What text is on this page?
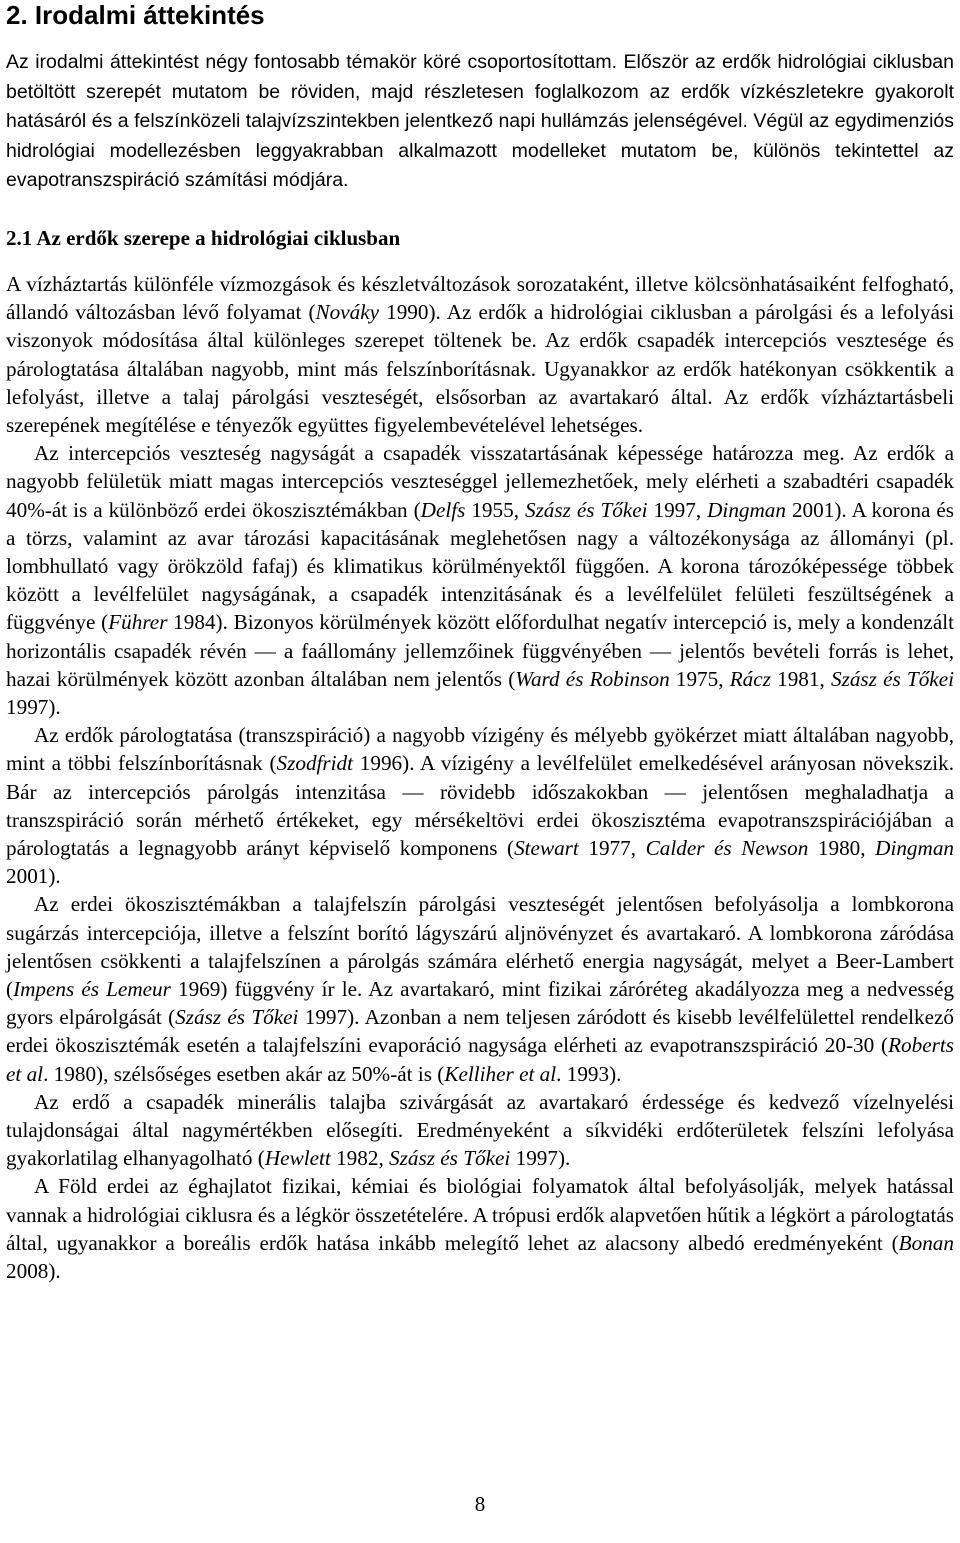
2. Irodalmi áttekintés

Az irodalmi áttekintést négy fontosabb témakör köré csoportosítottam. Először az erdők hidrológiai ciklusban betöltött szerepét mutatom be röviden, majd részletesen foglalkozom az erdők vízkészletekre gyakorolt hatásáról és a felszínközeli talajvízszintekben jelentkező napi hullámzás jelenségével. Végül az egydimenziós hidrológiai modellezésben leggyakrabban alkalmazott modelleket mutatom be, különös tekintettel az evapotranszspiráció számítási módjára.

2.1 Az erdők szerepe a hidrológiai ciklusban

A vízháztartás különféle vízmozgások és készletváltozások sorozataként, illetve kölcsönhatásaiként felfogható, állandó változásban lévő folyamat (Nováky 1990). Az erdők a hidrológiai ciklusban a párolgási és a lefolyási viszonyok módosítása által különleges szerepet töltenek be. Az erdők csapadék intercepciós vesztesége és párologtatása általában nagyobb, mint más felszínborításnak. Ugyanakkor az erdők hatékonyan csökkentik a lefolyást, illetve a talaj párolgási veszteségét, elsősorban az avartakaró által. Az erdők vízháztartásbeli szerepének megítélése e tényezők együttes figyelembevételével lehetséges.

Az intercepciós veszteség nagyságát a csapadék visszatartásának képessége határozza meg. Az erdők a nagyobb felületük miatt magas intercepciós veszteséggel jellemezhetőek, mely elérheti a szabadtéri csapadék 40%-át is a különböző erdei ökoszisztémákban (Delfs 1955, Szász és Tőkei 1997, Dingman 2001). A korona és a törzs, valamint az avar tározási kapacitásának meglehetősen nagy a változékonysága az állományi (pl. lombhullató vagy örökzöld fafaj) és klimatikus körülményektől függően. A korona tározóképessége többek között a levélfelület nagyságának, a csapadék intenzitásának és a levélfelület felületi feszültségének a függvénye (Führer 1984). Bizonyos körülmények között előfordulhat negatív intercepció is, mely a kondenzált horizontális csapadék révén — a faállomány jellemzőinek függvényében — jelentős bevételi forrás is lehet, hazai körülmények között azonban általában nem jelentős (Ward és Robinson 1975, Rácz 1981, Szász és Tőkei 1997).

Az erdők párologtatása (transzspiráció) a nagyobb vízigény és mélyebb gyökérzet miatt általában nagyobb, mint a többi felszínborításnak (Szodfridt 1996). A vízigény a levélfelület emelkedésével arányosan növekszik. Bár az intercepciós párolgás intenzitása — rövidebb időszakokban — jelentősen meghaladhatja a transzspiráció során mérhető értékeket, egy mérsékeltövi erdei ökoszisztéma evapotranszspirációjában a párologtatás a legnagyobb arányt képviselő komponens (Stewart 1977, Calder és Newson 1980, Dingman 2001).

Az erdei ökoszisztémákban a talajfelszín párolgási veszteségét jelentősen befolyásolja a lombkorona sugárzás intercepciója, illetve a felszínt borító lágyszárú aljnövényzet és avartakaró. A lombkorona záródása jelentősen csökkenti a talajfelszínen a párolgás számára elérhető energia nagyságát, melyet a Beer-Lambert (Impens és Lemeur 1969) függvény ír le. Az avartakaró, mint fizikai záróréteg akadályozza meg a nedvesség gyors elpárolgását (Szász és Tőkei 1997). Azonban a nem teljesen záródott és kisebb levélfelülettel rendelkező erdei ökoszisztémák esetén a talajfelszíni evaporáció nagysága elérheti az evapotranszspiráció 20-30 (Roberts et al. 1980), szélsőséges esetben akár az 50%-át is (Kelliher et al. 1993).

Az erdő a csapadék minerális talajba szivárgását az avartakaró érdessége és kedvező vízelnyelési tulajdonságai által nagymértékben elősegíti. Eredményeként a síkvidéki erdőterületek felszíni lefolyása gyakorlatilag elhanyagolható (Hewlett 1982, Szász és Tőkei 1997).

A Föld erdei az éghajlatot fizikai, kémiai és biológiai folyamatok által befolyásolják, melyek hatással vannak a hidrológiai ciklusra és a légkör összetételére. A trópusi erdők alapvetően hűtik a légkört a párologtatás által, ugyanakkor a boreális erdők hatása inkább melegítő lehet az alacsony albedó eredményeként (Bonan 2008).

8
